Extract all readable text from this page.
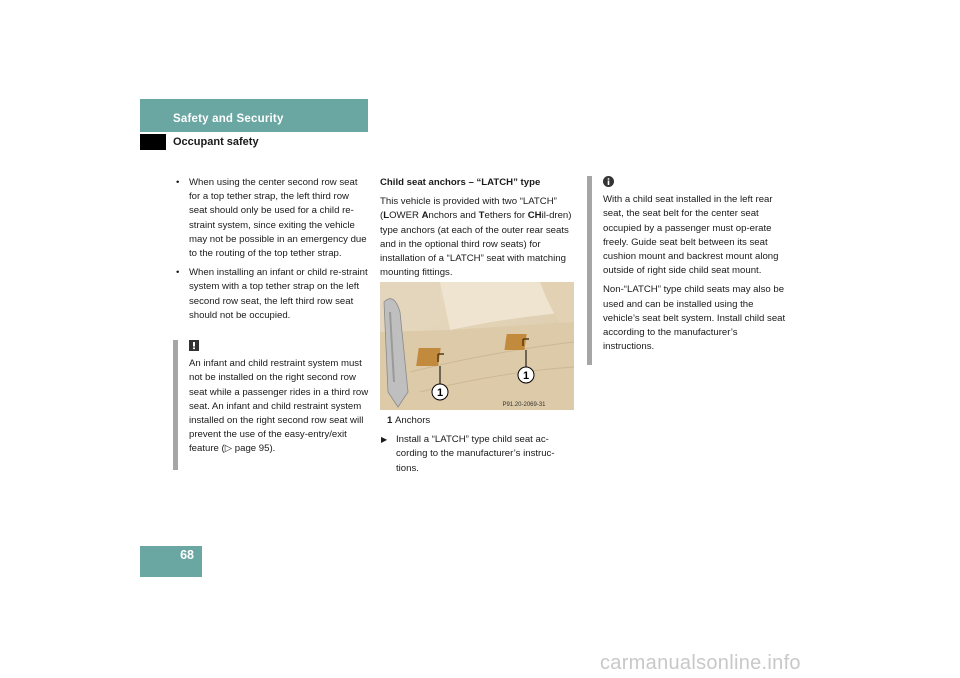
Safety and Security
Occupant safety
• When using the center second row seat for a top tether strap, the left third row seat should only be used for a child re-straint system, since exiting the vehicle may not be possible in an emergency due to the routing of the top tether strap.
• When installing an infant or child re-straint system with a top tether strap on the left second row seat, the left third row seat should not be occupied.
An infant and child restraint system must not be installed on the right second row seat while a passenger rides in a third row seat. An infant and child restraint system installed on the right second row seat will prevent the use of the easy-entry/exit feature (▷ page 95).

Child seat anchors – “LATCH” type

This vehicle is provided with two “LATCH” (LOWER Anchors and Tethers for CHil-dren) type anchors (at each of the outer rear seats and in the optional third row seats) for installation of a “LATCH” seat with matching mounting fittings.

1
1
P91.20-2069-31

1 Anchors

▶ Install a “LATCH” type child seat ac-cording to the manufacturer’s instruc-tions.

With a child seat installed in the left rear seat, the seat belt for the center seat occupied by a passenger must op-erate freely. Guide seat belt between its seat cushion mount and backrest mount along outside of right side child seat mount.

Non-“LATCH” type child seats may also be used and can be installed using the vehicle’s seat belt system. Install child seat according to the manufacturer’s instructions.

68
carmanualsonline.info
